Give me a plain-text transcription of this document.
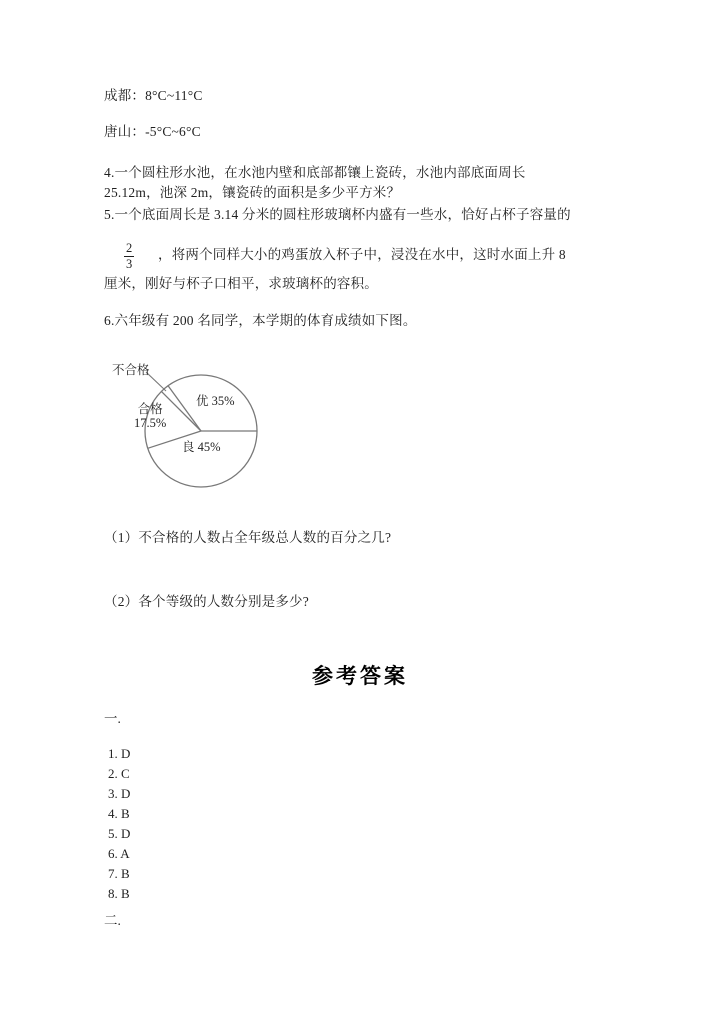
成都：8°C~11°C
唐山：-5°C~6°C
4.一个圆柱形水池，在水池内壁和底部都镶上瓷砖，水池内部底面周长
25.12m，池深 2m，镶瓷砖的面积是多少平方米？
5.一个底面周长是 3.14 分米的圆柱形玻璃杯内盛有一些水，恰好占杯子容量的
2
3
，将两个同样大小的鸡蛋放入杯子中，浸没在水中，这时水面上升 8
厘米，刚好与杯子口相平，求玻璃杯的容积。
6.六年级有 200 名同学，本学期的体育成绩如下图。
优 35%
良 45%
合格
17.5%
不合格
（1）不合格的人数占全年级总人数的百分之几?
（2）各个等级的人数分别是多少?
参考答案
一.
1. D
2. C
3. D
4. B
5. D
6. A
7. B
8. B
二.
